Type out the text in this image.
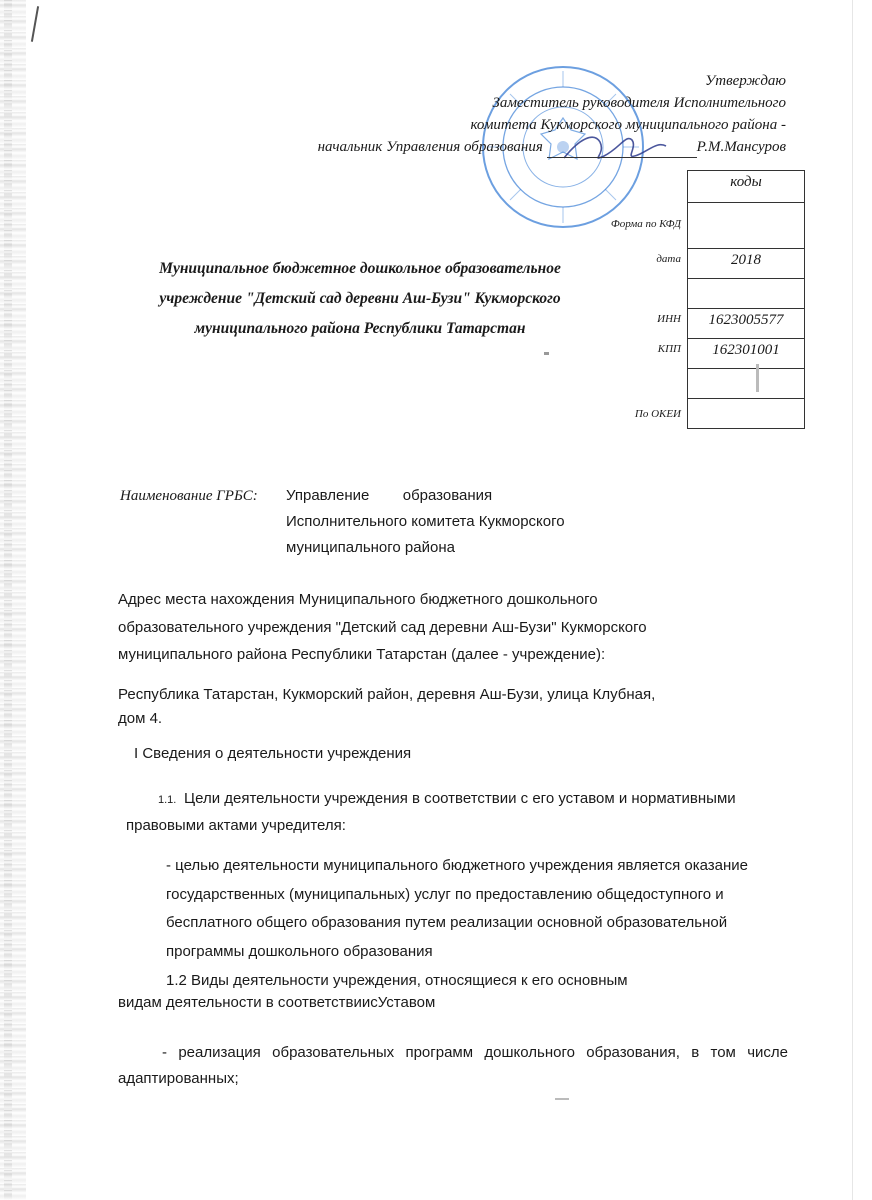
Утверждаю
Заместитель руководителя Исполнительного
комитета Кукморского муниципального района -
начальник Управления образования	Р.М.Мансуров
Муниципальное бюджетное дошкольное образовательное учреждение "Детский сад деревни Аш-Бузи" Кукморского муниципального района Республики Татарстан
	коды
Форма по КФД	
дата	2018

ИНН	1623005577
КПП	162301001

По ОКЕИ	
Наименование ГРБС: Управление        образования
Исполнительного комитета Кукморского
муниципального района
Адрес места нахождения Муниципального бюджетного дошкольного образовательного учреждения "Детский сад деревни Аш-Бузи" Кукморского муниципального района Республики Татарстан (далее - учреждение):
Республика Татарстан, Кукморский район, деревня Аш-Бузи, улица Клубная,
дом 4.
I Сведения о деятельности учреждения
1.1. Цели деятельности учреждения в соответствии с его уставом и нормативными правовыми актами учредителя:
- целью деятельности муниципального бюджетного учреждения является оказание государственных (муниципальных) услуг по предоставлению общедоступного и бесплатного общего образования путем реализации основной образовательной программы дошкольного образования
1.2 Виды деятельности учреждения, относящиеся к его основным
видам деятельности в соответствиисУставом
- реализация образовательных программ дошкольного образования, в том числе
адаптированных;
